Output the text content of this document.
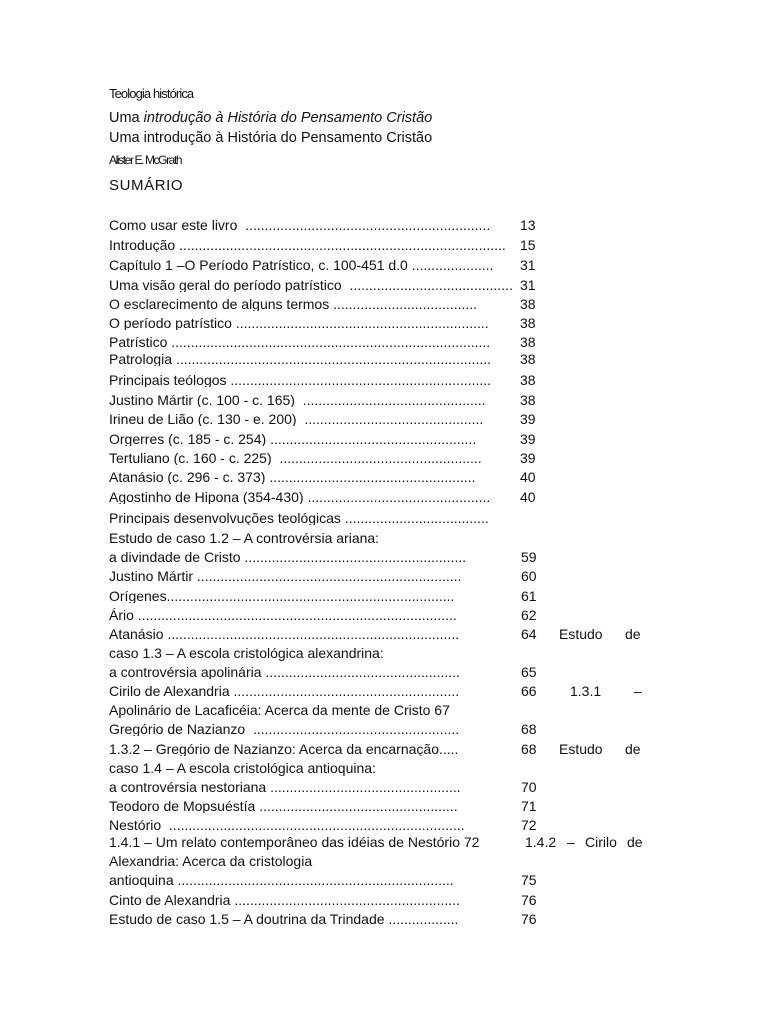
Teologia histórica
Uma introdução à História do Pensamento Cristão
Uma introdução à História do Pensamento Cristão
Alister E. McGrath
SUMÁRIO
Como usar este livro  ...............................................................	13
Introdução ....................................................................................	15
Capítulo 1 –O Período Patrístico, c. 100-451 d.0 .....................	31
Uma visão geral do período patrístico  .......................................... 31
O esclarecimento de alguns termos .....................................	38
O período patrístico .................................................................	38
Patrístico ..................................................................................	38
Patrologia .................................................................................	38
Principais teólogos ...................................................................	38
Justino Mártir (c. 100 - c. 165)  ...............................................	38
Irineu de Lião (c. 130 - e. 200)  ..............................................	39
Orgerres (c. 185 - c. 254) .....................................................	39
Tertuliano (c. 160 - c. 225)  ....................................................	39
Atanásio (c. 296 - c. 373) .....................................................	40
Agostinho de Hipona (354-430) ...............................................	40
Principais desenvolvuções teológicas .....................................
Estudo de caso 1.2 – A controvérsia ariana:
a divindade de Cristo .........................................................	59
Justino Mártir ....................................................................	60
Orígenes..........................................................................	61
Ário ..................................................................................	62
Atanásio ...........................................................................	64 Estudo de
caso 1.3 – A escola cristológica alexandrina:
a controvérsia apolinária ..................................................	65
Cirilo de Alexandria ..........................................................	66 1.3.1 –
Apolinário de Lacaficéia: Acerca da mente de Cristo 67
Gregório de Nazianzo  .....................................................	68
1.3.2 – Gregório de Nazianzo: Acerca da encarnação.....	68 Estudo de
caso 1.4 – A escola cristológica antioquina:
a controvérsia nestoriana .................................................	70
Teodoro de Mopsuéstía ...................................................	71
Nestório  ............................................................................	72
1.4.1 – Um relato contemporâneo das idéias de Nestório 72	1.4.2 – Cirilo de
Alexandria: Acerca da cristologia
antioquina .......................................................................	75
Cinto de Alexandria ..........................................................	76
Estudo de caso 1.5 – A doutrina da Trindade ..................	76
